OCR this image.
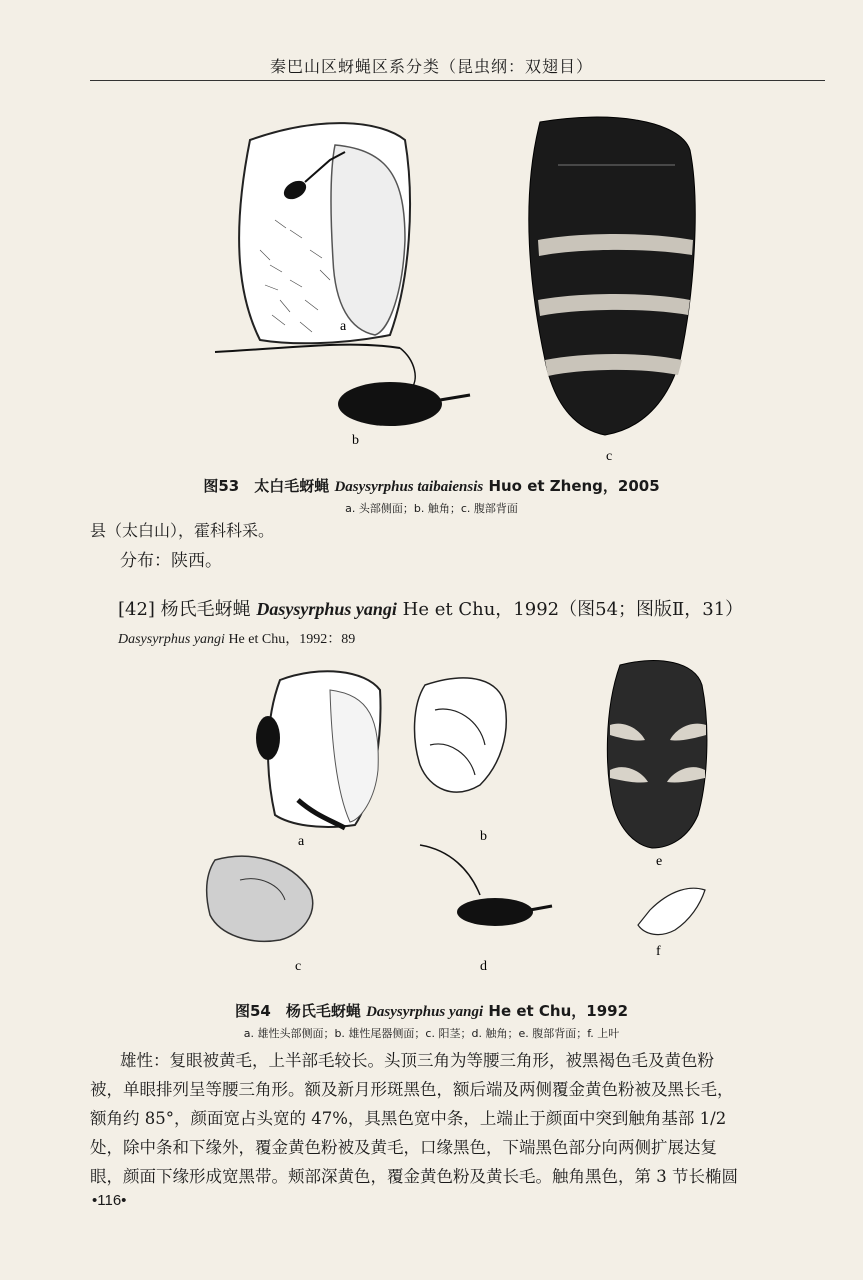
秦巴山区蚜蝇区系分类（昆虫纲：双翅目）
a
b
c
图53　太白毛蚜蝇 Dasysyrphus taibaiensis Huo et Zheng，2005
a. 头部侧面；b. 触角；c. 腹部背面
县（太白山），霍科科采。
分布：陕西。
[42] 杨氏毛蚜蝇 Dasysyrphus yangi He et Chu，1992（图54；图版Ⅱ，31）
Dasysyrphus yangi He et Chu，1992：89
a	b
c	d
e
f
图54　杨氏毛蚜蝇 Dasysyrphus yangi He et Chu，1992
a. 雄性头部侧面；b. 雄性尾器侧面；c. 阳茎；d. 触角；e. 腹部背面；f. 上叶
雄性：复眼被黄毛，上半部毛较长。头顶三角为等腰三角形，被黑褐色毛及黄色粉
被，单眼排列呈等腰三角形。额及新月形斑黑色，额后端及两侧覆金黄色粉被及黑长毛，
额角约 85°，颜面宽占头宽的 47%，具黑色宽中条，上端止于颜面中突到触角基部 1/2
处，除中条和下缘外，覆金黄色粉被及黄毛，口缘黑色，下端黑色部分向两侧扩展达复
眼，颜面下缘形成宽黑带。颊部深黄色，覆金黄色粉及黄长毛。触角黑色，第 3 节长椭圆
•116•
